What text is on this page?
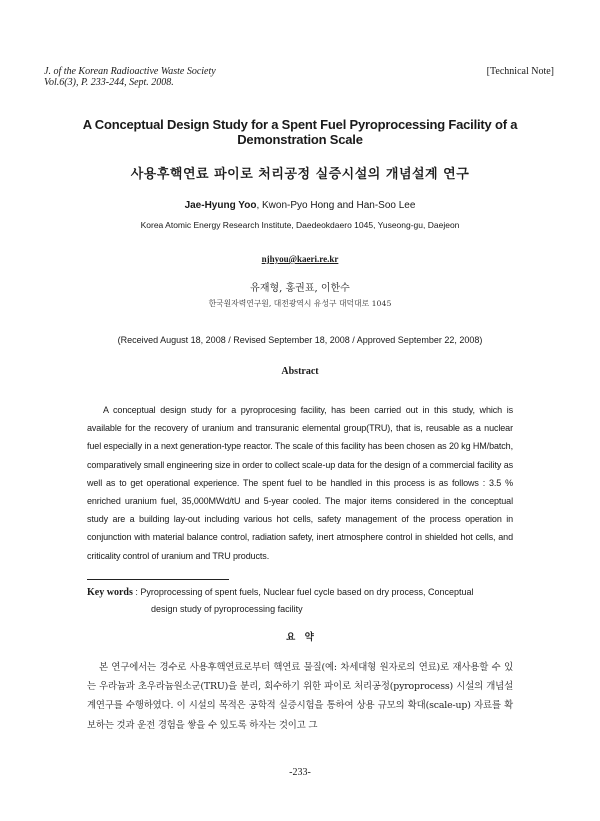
J. of the Korean Radioactive Waste Society
Vol.6(3), P. 233-244, Sept. 2008.
[Technical Note]
A Conceptual Design Study for a Spent Fuel Pyroprocessing Facility of a Demonstration Scale
사용후핵연료 파이로 처리공정 실증시설의 개념설계 연구
Jae-Hyung Yoo, Kwon-Pyo Hong and Han-Soo Lee
Korea Atomic Energy Research Institute, Daedeokdaero 1045, Yuseong-gu, Daejeon
njhyou@kaeri.re.kr
유재형, 홍권표, 이한수
한국원자력연구원, 대전광역시 유성구 대덕대로 1045
(Received August 18, 2008 / Revised September 18, 2008 / Approved September 22, 2008)
Abstract

A conceptual design study for a pyroprocesing facility, has been carried out in this study, which is available for the recovery of uranium and transuranic elemental group(TRU), that is, reusable as a nuclear fuel especially in a next generation-type reactor. The scale of this facility has been chosen as 20 kg HM/batch, comparatively small engineering size in order to collect scale-up data for the design of a commercial facility as well as to get operational experience. The spent fuel to be handled in this process is as follows : 3.5 % enriched uranium fuel, 35,000MWd/tU and 5-year cooled. The major items considered in the conceptual study are a building lay-out including various hot cells, safety management of the process operation in conjunction with material balance control, radiation safety, inert atmosphere control in shielded hot cells, and criticality control of uranium and TRU products.

Key words : Pyroprocessing of spent fuels, Nuclear fuel cycle based on dry process, Conceptual
design study of pyroprocessing facility
요 약

본 연구에서는 경수로 사용후핵연료로부터 핵연료 물질(예: 차세대형 원자로의 연료)로 재사용할 수 있는 우라늄과 초우라늄원소군(TRU)을 분리, 회수하기 위한 파이로 처리공정(pyroprocess) 시설의 개념설계연구를 수행하였다. 이 시설의 목적은 공학적 실증시험을 통하여 상용 규모의 확대(scale-up) 자료를 확보하는 것과 운전 경험을 쌓을 수 있도록 하자는 것이고 그

-233-
